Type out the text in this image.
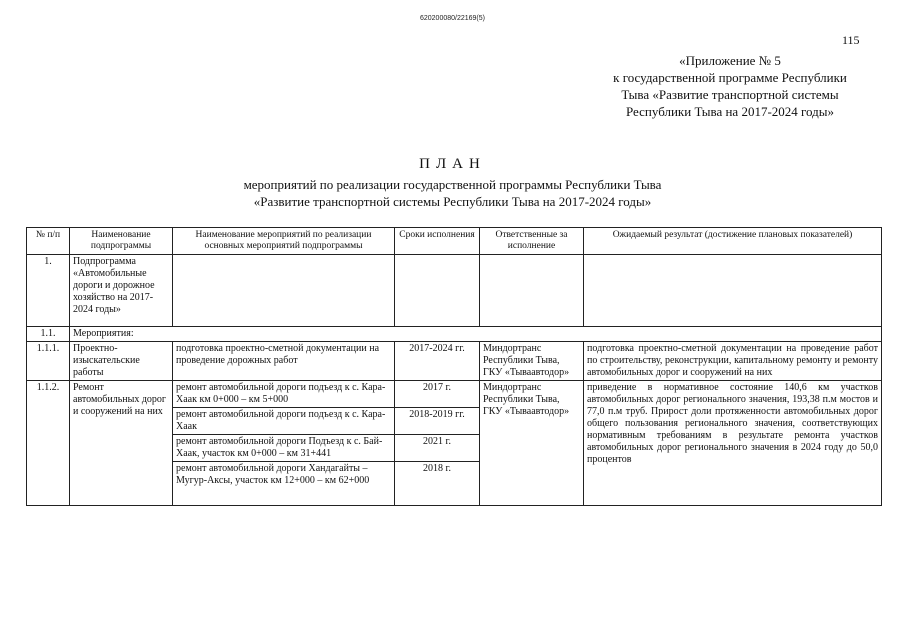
620200080/22169(5)
115
«Приложение № 5
к государственной программе Республики
Тыва «Развитие транспортной системы
Республики Тыва на 2017-2024 годы»
ПЛАН
мероприятий по реализации государственной программы Республики Тыва
«Развитие транспортной системы Республики Тыва на 2017-2024 годы»
№ п/п	Наименование подпрограммы	Наименование мероприятий по реализации основных мероприятий подпрограммы	Сроки исполнения	Ответственные за исполнение	Ожидаемый результат (достижение плановых показателей)
1.	Подпрограмма «Автомобильные дороги и дорожное хозяйство на 2017-2024 годы»				
1.1.	Мероприятия:				
1.1.1.	Проектно-изыскательские работы	подготовка проектно-сметной документации на проведение дорожных работ	2017-2024 гг.	Миндортранс Республики Тыва, ГКУ «Тываавтодор»	подготовка проектно-сметной документации на проведение работ по строительству, реконструкции, капитальному ремонту и ремонту автомобильных дорог и сооружений на них
1.1.2.	Ремонт автомобильных дорог и сооружений на них	ремонт автомобильной дороги подъезд к с. Кара-Хаак км 0+000 – км 5+000	2017 г.	Миндортранс Республики Тыва, ГКУ «Тываавтодор»	приведение в нормативное состояние 140,6 км участков автомобильных дорог регионального значения, 193,38 п.м мостов и 77,0 п.м труб. Прирост доли протяженности автомобильных дорог общего пользования регионального значения, соответствующих нормативным требованиям в результате ремонта участков автомобильных дорог регионального значения в 2024 году до 50,0 процентов
		ремонт автомобильной дороги подъезд к с. Кара-Хаак	2018-2019 гг.		
		ремонт автомобильной дороги Подъезд к с. Бай-Хаак, участок км 0+000 – км 31+441	2021 г.		
		ремонт автомобильной дороги Хандагайты – Мугур-Аксы, участок км 12+000 – км 62+000	2018 г.		
